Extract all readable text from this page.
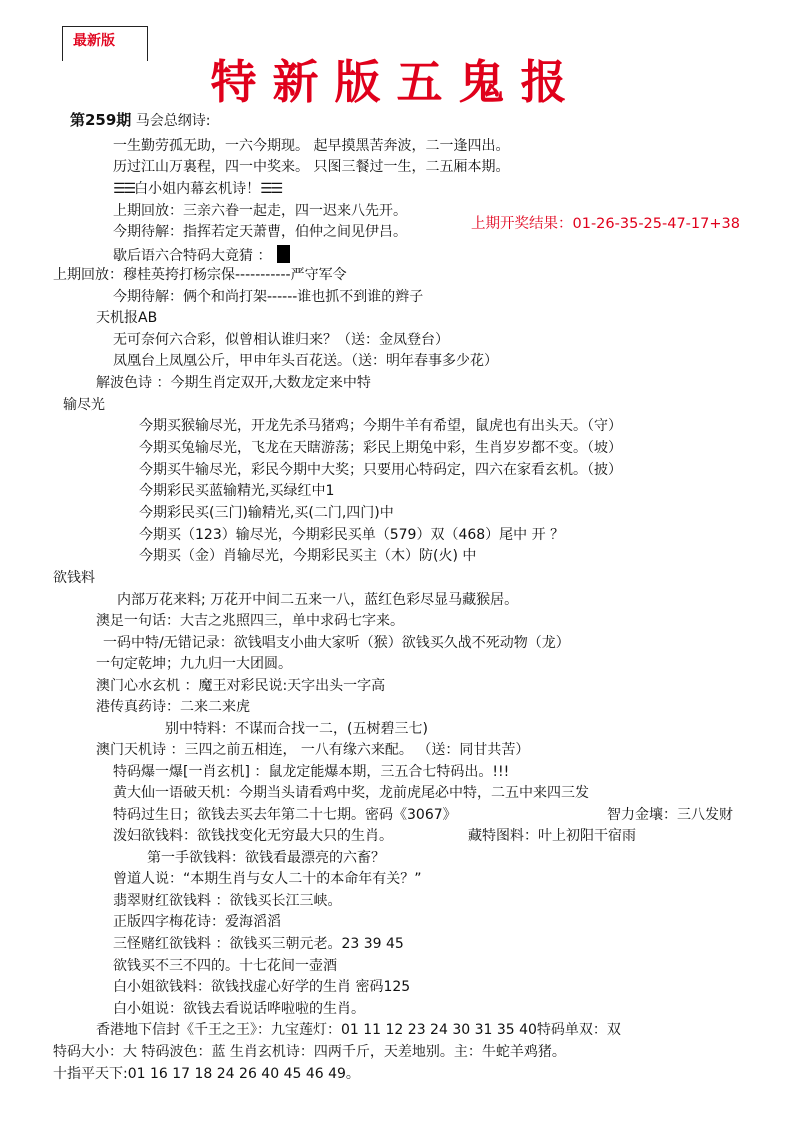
最新版
特新版五鬼报
第259期 马会总纲诗:
一生勤劳孤无助，一六今期现。 起早摸黑苦奔波，二一逢四出。
历过江山万裏程，四一中奖来。 只图三餐过一生，二五厢本期。
☰☰白小姐内幕玄机诗！☰☰
上期回放：三亲六眷一起走，四一迟来八先开。
今期待解：指挥若定天萧曹，伯仲之间见伊吕。	上期开奖结果：01-26-35-25-47-17+38
歇后语六合特码大竟猜 ：
上期回放：穆桂英挎打杨宗保-----------严守军令
今期待解：俩个和尚打架------谁也抓不到谁的辫子
天机报AB
无可奈何六合彩，似曾相认谁归来？（送：金凤登台）
凤凰台上凤凰公斤，甲申年头百花送。（送：明年春事多少花）
解波色诗 ：今期生肖定双开,大数龙定来中特
输尽光
今期买猴输尽光，开龙先杀马猪鸡；今期牛羊有希望，鼠虎也有出头天。（守）
今期买兔输尽光，飞龙在天瞎游荡；彩民上期兔中彩，生肖岁岁都不变。（坡）
今期买牛输尽光，彩民今期中大奖；只要用心特码定，四六在家看玄机。（披）
今期彩民买蓝输精光,买绿红中1
今期彩民买(三门)输精光,买(二门,四门)中
今期买（123）输尽光，今期彩民买单（579）双（468）尾中 开 ？
今期买（金）肖输尽光，今期彩民买主（木）防(火) 中
欲钱料
内部万花来料; 万花开中间二五来一八，蓝红色彩尽显马藏猴居。
澳足一句话：大吉之兆照四三，单中求码七字来。
一码中特/无错记录：欲钱唱支小曲大家听（猴）欲钱买久战不死动物（龙）
一句定乾坤；九九归一大团圆。
澳门心水玄机 ：魔王对彩民说:天字出头一字高
港传真药诗：二来二来虎
别中特料：不谋而合找一二，(五树碧三七)
澳门天机诗 ：三四之前五相连， 一八有缘六来配。 （送：同甘共苦）
特码爆一爆[一肖玄机] ：鼠龙定能爆本期，三五合七特码出。!!!
黄大仙一语破天机：今期当头请看鸡中奖，龙前虎尾必中特，二五中来四三发
特码过生日；欲钱去买去年第二十七期。密码《3067》	智力金壤：三八发财
泼妇欲钱料：欲钱找变化无穷最大只的生肖。	藏特图料：叶上初阳干宿雨
第一手欲钱料：欲钱看最漂亮的六畜？
曾道人说：“本期生肖与女人二十的本命年有关？”
翡翠财红欲钱料 ：欲钱买长江三峡。
正版四字梅花诗：爱海滔滔
三怪赌红欲钱料 ：欲钱买三朝元老。23 39 45
欲钱买不三不四的。十七花间一壶酒
白小姐欲钱料：欲钱找虚心好学的生肖 密码125
白小姐说：欲钱去看说话哗啦啦的生肖。
香港地下信封《千王之王》：九宝莲灯：01 11 12 23 24 30 31 35 40特码单双：双
特码大小：大 特码波色：蓝 生肖玄机诗：四两千斤，天差地别。主：牛蛇羊鸡猪。
十指平天下:01 16 17 18 24 26 40 45 46 49。
